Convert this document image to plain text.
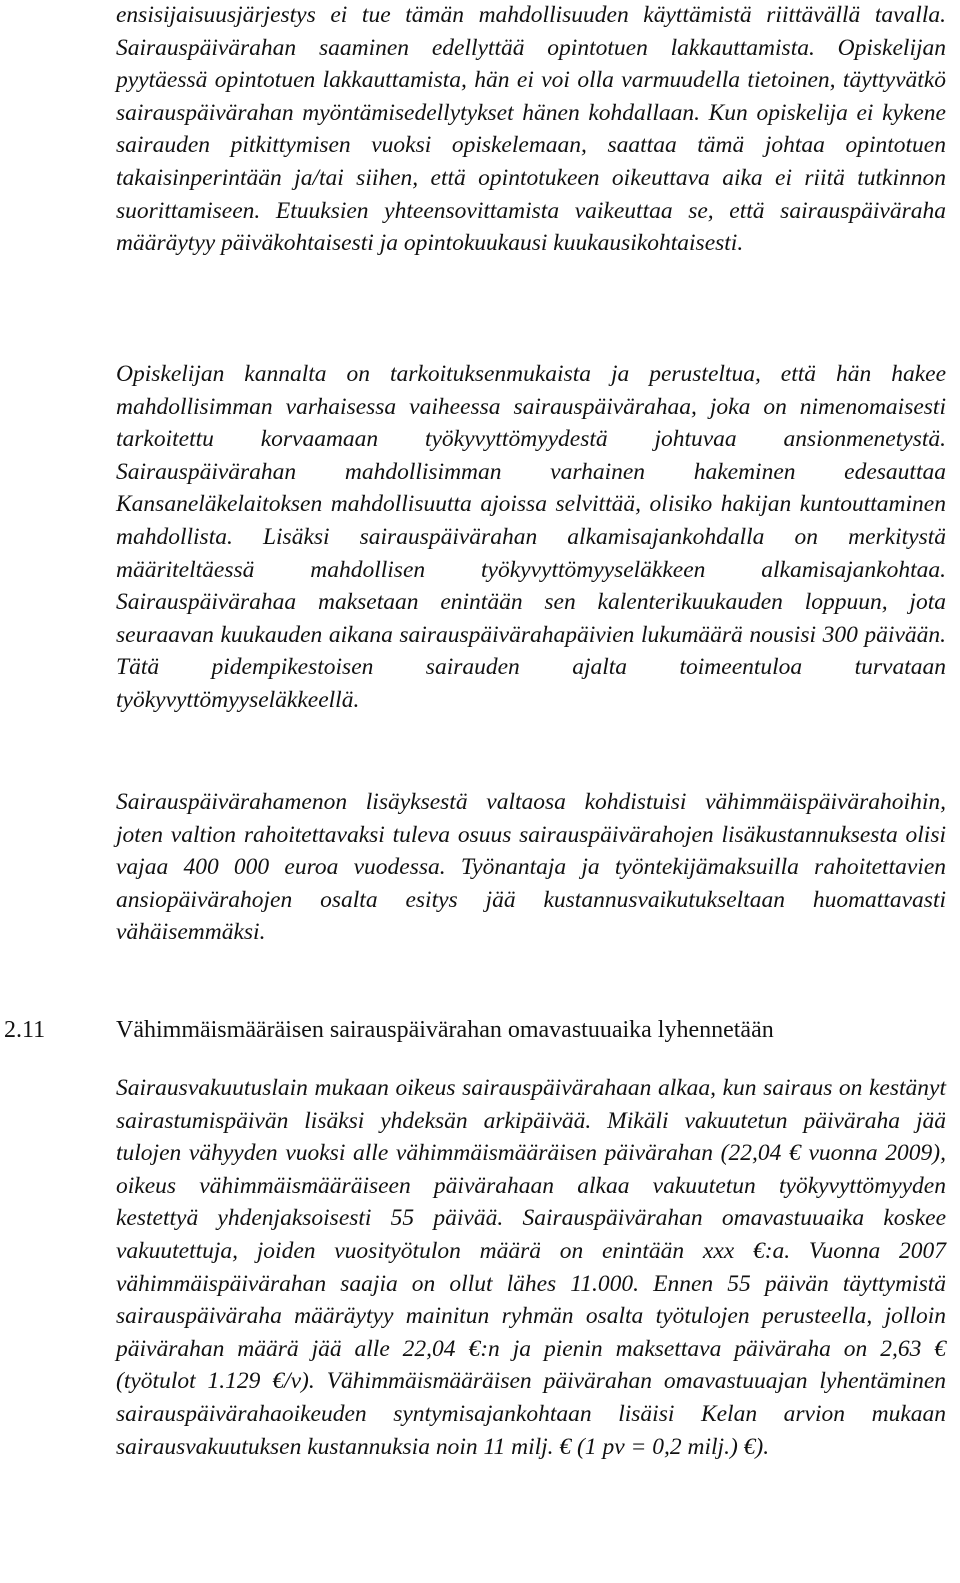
ensisijaisuusjärjestys ei tue tämän mahdollisuuden käyttämistä riittävällä tavalla. Sairauspäivärahan saaminen edellyttää opintotuen lakkauttamista. Opiskelijan pyytäessä opintotuen lakkauttamista, hän ei voi olla varmuudella tietoinen, täyttyvätkö sairauspäivärahan myöntämisedellytykset hänen kohdallaan. Kun opiskelija ei kykene sairauden pitkittymisen vuoksi opiskelemaan, saattaa tämä johtaa opintotuen takaisinperintään ja/tai siihen, että opintotukeen oikeuttava aika ei riitä tutkinnon suorittamiseen. Etuuksien yhteensovittamista vaikeuttaa se, että sairauspäiväraha määräytyy päiväkohtaisesti ja opintokuukausi kuukausikohtaisesti.

Opiskelijan kannalta on tarkoituksenmukaista ja perusteltua, että hän hakee mahdollisimman varhaisessa vaiheessa sairauspäivärahaa, joka on nimenomaisesti tarkoitettu korvaamaan työkyvyttömyydestä johtuvaa ansionmenetystä. Sairauspäivärahan mahdollisimman varhainen hakeminen edesauttaa Kansaneläkelaitoksen mahdollisuutta ajoissa selvittää, olisiko hakijan kuntouttaminen mahdollista. Lisäksi sairauspäivärahan alkamisajankohdalla on merkitystä määriteltäessä mahdollisen työkyvyttömyyseläkkeen alkamisajankohtaa. Sairauspäivärahaa maksetaan enintään sen kalenterikuukauden loppuun, jota seuraavan kuukauden aikana sairauspäivärahapäivien lukumäärä nousisi 300 päivään. Tätä pidempikestoisen sairauden ajalta toimeentuloa turvataan työkyvyttömyyseläkkeellä.

Sairauspäivärahamenon lisäyksestä valtaosa kohdistuisi vähimmäispäivärahoihin, joten valtion rahoitettavaksi tuleva osuus sairauspäivärahojen lisäkustannuksesta olisi vajaa 400 000 euroa vuodessa. Työnantaja ja työntekijämaksuilla rahoitettavien ansiopäivärahojen osalta esitys jää kustannusvaikutukseltaan huomattavasti vähäisemmäksi.

2.11	Vähimmäismääräisen sairauspäivärahan omavastuuaika lyhennetään

Sairausvakuutuslain mukaan oikeus sairauspäivärahaan alkaa, kun sairaus on kestänyt sairastumispäivän lisäksi yhdeksän arkipäivää. Mikäli vakuutetun päiväraha jää tulojen vähyyden vuoksi alle vähimmäismääräisen päivärahan (22,04 € vuonna 2009), oikeus vähimmäismääräiseen päivärahaan alkaa vakuutetun työkyvyttömyyden kestettyä yhdenjaksoisesti 55 päivää. Sairauspäivärahan omavastuuaika koskee vakuutettuja, joiden vuosityötulon määrä on enintään xxx €:a. Vuonna 2007 vähimmäispäivärahan saajia on ollut lähes 11.000. Ennen 55 päivän täyttymistä sairauspäiväraha määräytyy mainitun ryhmän osalta työtulojen perusteella, jolloin päivärahan määrä jää alle 22,04 €:n ja pienin maksettava päiväraha on 2,63 € (työtulot 1.129 €/v). Vähimmäismääräisen päivärahan omavastuuajan lyhentäminen sairauspäivärahaoikeuden syntymisajankohtaan lisäisi Kelan arvion mukaan sairausvakuutuksen kustannuksia noin 11 milj. € (1 pv = 0,2 milj.) €).
